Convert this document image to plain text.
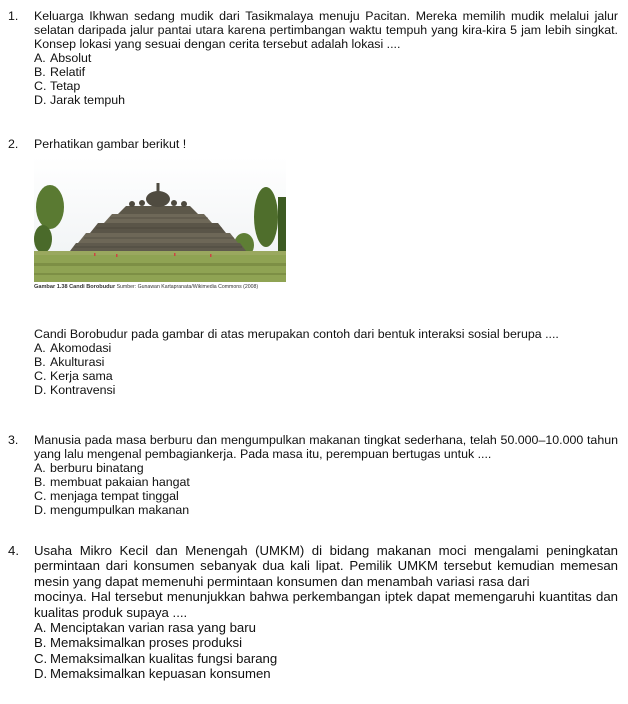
1.	Keluarga Ikhwan sedang mudik dari Tasikmalaya menuju Pacitan. Mereka memilih mudik melalui jalur selatan daripada jalur pantai utara karena pertimbangan waktu tempuh yang kira-kira 5 jam lebih singkat. Konsep lokasi yang sesuai dengan cerita tersebut adalah lokasi ....
A. Absolut
B. Relatif
C. Tetap
D. Jarak tempuh
2.	Perhatikan gambar berikut !
Gambar 1.38 Candi Borobudur Sumber: Gunawan Kartapranata/Wikimedia Commons (2008)
Candi Borobudur pada gambar di atas merupakan contoh dari bentuk interaksi sosial berupa ....
A. Akomodasi
B. Akulturasi
C. Kerja sama
D. Kontravensi
3.	Manusia pada masa berburu dan mengumpulkan makanan tingkat sederhana, telah 50.000–10.000 tahun yang lalu mengenal pembagiankerja. Pada masa itu, perempuan bertugas untuk ....
A. berburu binatang
B. membuat pakaian hangat
C. menjaga tempat tinggal
D. mengumpulkan makanan
4.	Usaha Mikro Kecil dan Menengah (UMKM) di bidang makanan moci mengalami peningkatan permintaan dari konsumen sebanyak dua kali lipat. Pemilik UMKM tersebut kemudian memesan mesin yang dapat memenuhi permintaan konsumen dan menambah variasi rasa dari
mocinya. Hal tersebut menunjukkan bahwa perkembangan iptek dapat memengaruhi kuantitas dan kualitas produk supaya ....
A. Menciptakan varian rasa yang baru
B. Memaksimalkan proses produksi
C. Memaksimalkan kualitas fungsi barang
D. Memaksimalkan kepuasan konsumen
